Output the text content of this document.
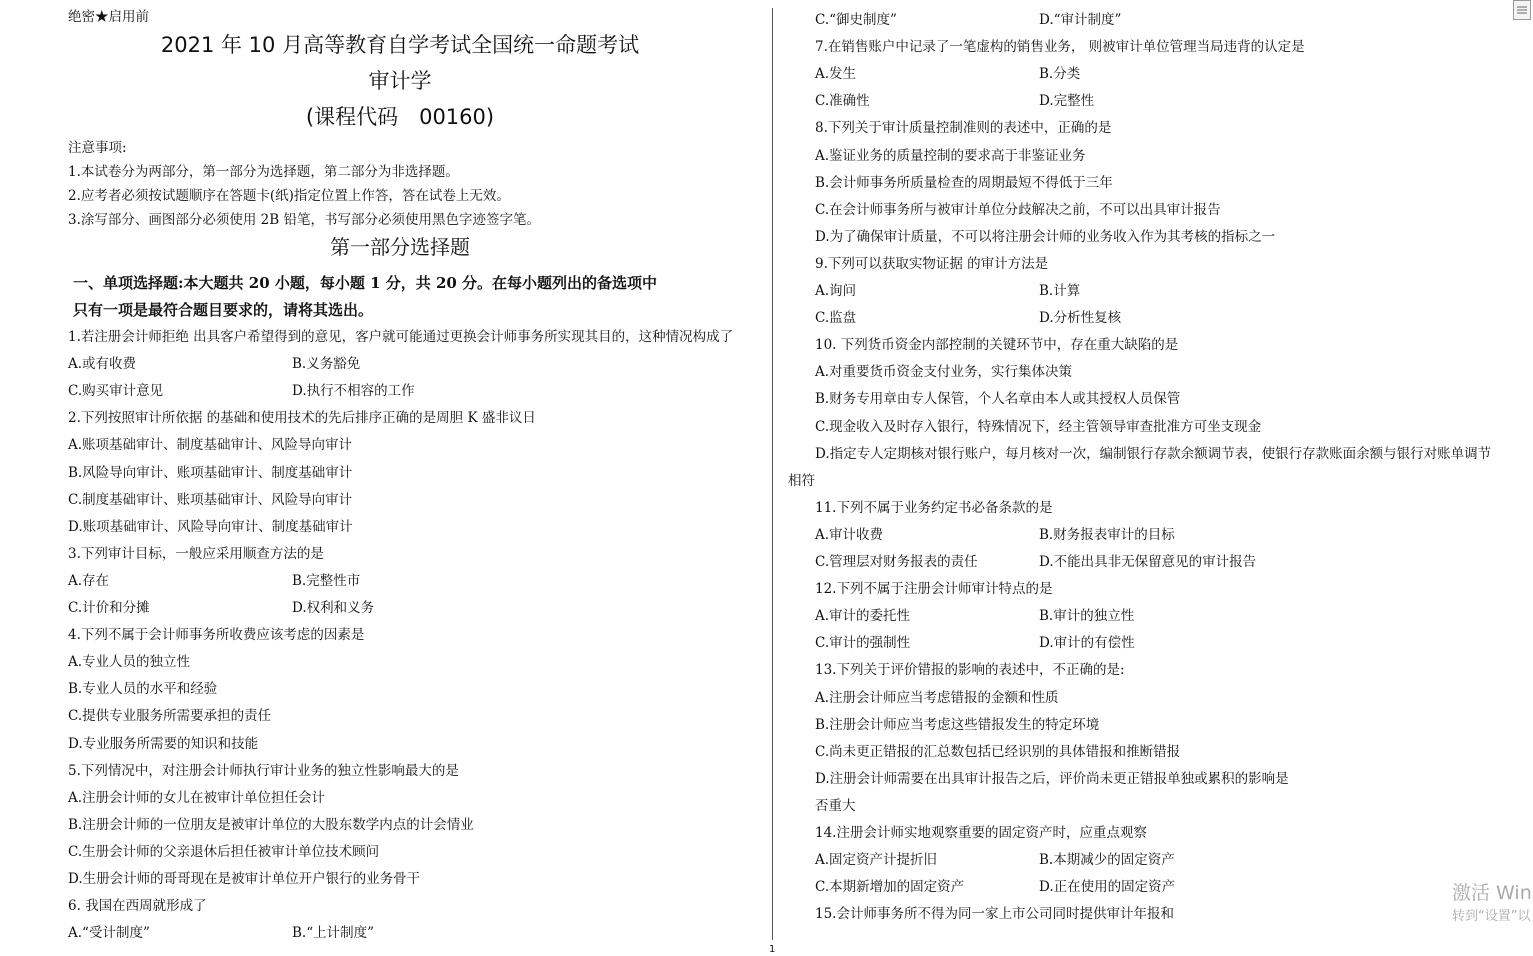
绝密★启用前
2021 年 10 月高等教育自学考试全国统一命题考试
审计学
(课程代码　00160)
注意事项:
1.本试卷分为两部分，第一部分为选择题，第二部分为非选择题。
2.应考者必须按试题顺序在答题卡(纸)指定位置上作答，答在试卷上无效。
3.涂写部分、画图部分必须使用 2B 铅笔，书写部分必须使用黑色字迹签字笔。
第一部分选择题
一、单项选择题:本大题共 20 小题，每小题 1 分，共 20 分。在每小题列出的备选项中
只有一项是最符合题目要求的，请将其选出。
1.若注册会计师拒绝 出具客户希望得到的意见，客户就可能通过更换会计师事务所实现其目的，这种情况构成了
A.或有收费	B.义务豁免
C.购买审计意见	D.执行不相容的工作
2.下列按照审计所依据 的基础和使用技术的先后排序正确的是周胆 K 盛非议日
A.账项基础审计、制度基础审计、风险导向审计
B.风险导向审计、账项基础审计、制度基础审计
C.制度基础审计、账项基础审计、风险导向审计
D.账项基础审计、风险导向审计、制度基础审计
3.下列审计目标，一般应采用顺查方法的是
A.存在	B.完整性市
C.计价和分摊	D.权利和义务
4.下列不属于会计师事务所收费应该考虑的因素是
A.专业人员的独立性
B.专业人员的水平和经验
C.提供专业服务所需要承担的责任
D.专业服务所需要的知识和技能
5.下列情况中，对注册会计师执行审计业务的独立性影响最大的是
A.注册会计师的女儿在被审计单位担任会计
B.注册会计师的一位朋友是被审计单位的大股东数学内点的计会情业
C.生册会计师的父亲退休后担任被审计单位技术顾问
D.生册会计师的哥哥现在是被审计单位开户银行的业务骨干
6. 我国在西周就形成了
A.“受计制度”	B.“上计制度”
C.“御史制度”	D.“审计制度”
7.在销售账户中记录了一笔虚构的销售业务， 则被审计单位管理当局违背的认定是
A.发生	B.分类
C.准确性	D.完整性
8.下列关于审计质量控制准则的表述中，正确的是
A.鉴证业务的质量控制的要求高于非鉴证业务
B.会计师事务所质量检查的周期最短不得低于三年
C.在会计师事务所与被审计单位分歧解决之前，不可以出具审计报告
D.为了确保审计质量，不可以将注册会计师的业务收入作为其考核的指标之一
9.下列可以获取实物证据 的审计方法是
A.询问	B.计算
C.监盘	D.分析性复核
10. 下列货币资金内部控制的关键环节中，存在重大缺陷的是
A.对重要货币资金支付业务，实行集体决策
B.财务专用章由专人保管，个人名章由本人或其授权人员保管
C.现金收入及时存入银行，特殊情况下，经主管领导审查批准方可坐支现金
D.指定专人定期核对银行账户，每月核对一次，编制银行存款余额调节表，使银行存款账面余额与银行对账单调节
相符
11.下列不属于业务约定书必备条款的是
A.审计收费	B.财务报表审计的目标
C.管理层对财务报表的责任	D.不能出具非无保留意见的审计报告
12.下列不属于注册会计师审计特点的是
A.审计的委托性	B.审计的独立性
C.审计的强制性	D.审计的有偿性
13.下列关于评价错报的影响的表述中，不正确的是:
A.注册会计师应当考虑错报的金额和性质
B.注册会计师应当考虑这些错报发生的特定环境
C.尚未更正错报的汇总数包括已经识别的具体错报和推断错报
D.注册会计师需要在出具审计报告之后，评价尚未更正错报单独或累积的影响是
否重大
14.注册会计师实地观察重要的固定资产时，应重点观察
A.固定资产计提折旧	B.本期减少的固定资产
C.本期新增加的固定资产	D.正在使用的固定资产
15.会计师事务所不得为同一家上市公司同时提供审计年报和
1
激活 Win
转到“设置”以
